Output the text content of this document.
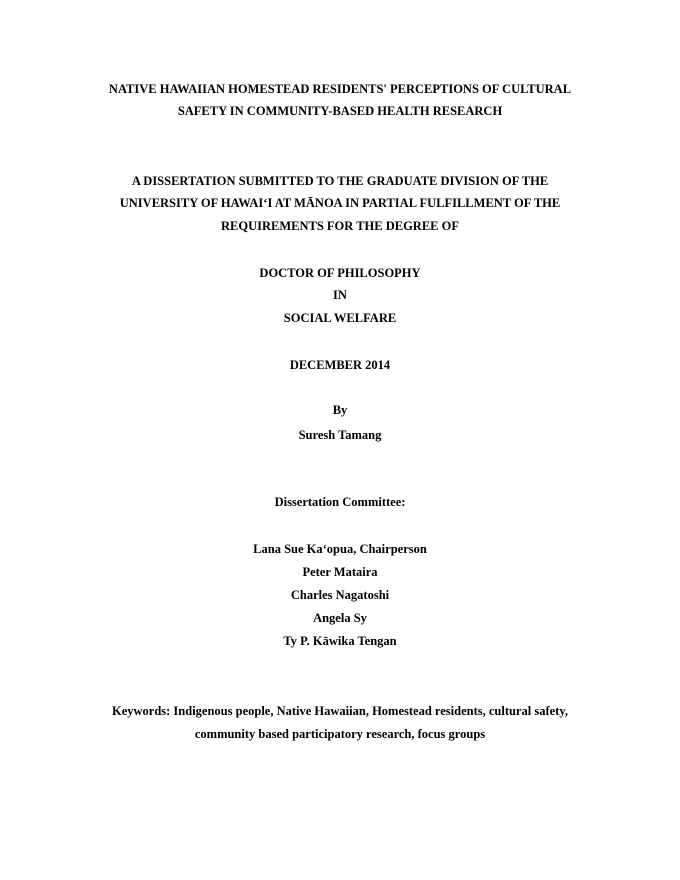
NATIVE HAWAIIAN HOMESTEAD RESIDENTS' PERCEPTIONS OF CULTURAL
SAFETY IN COMMUNITY-BASED HEALTH RESEARCH
A DISSERTATION SUBMITTED TO THE GRADUATE DIVISION OF THE
UNIVERSITY OF HAWAI‘I AT MĀNOA IN PARTIAL FULFILLMENT OF THE
REQUIREMENTS FOR THE DEGREE OF
DOCTOR OF PHILOSOPHY
IN
SOCIAL WELFARE
DECEMBER 2014
By
Suresh Tamang
Dissertation Committee:
Lana Sue Ka‘opua, Chairperson
Peter Mataira
Charles Nagatoshi
Angela Sy
Ty P. Kāwika Tengan
Keywords: Indigenous people, Native Hawaiian, Homestead residents, cultural safety,
community based participatory research, focus groups
